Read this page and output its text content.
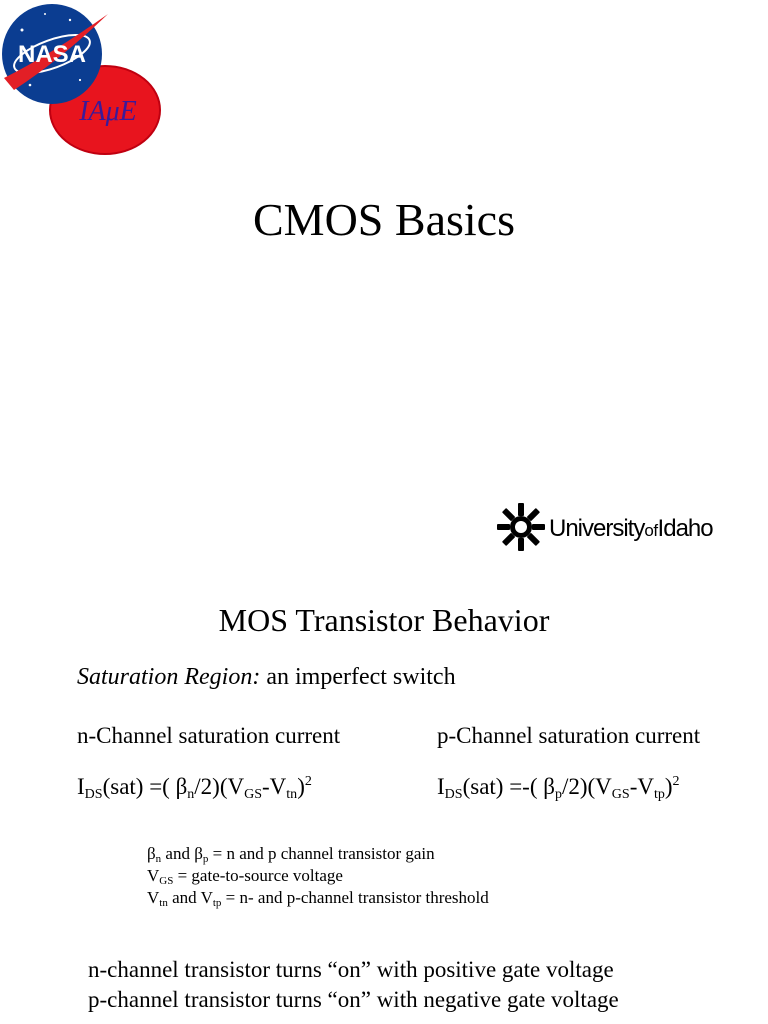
NASA
IAμE
CMOS Basics
UniversityofIdaho
MOS Transistor Behavior
Saturation Region: an imperfect switch
n-Channel saturation current	p-Channel saturation current
$I_{DS}(sat)$ =( $\beta_n/2)(V_{GS}-V_{tn})^2$	$I_{DS}(sat)$ =-( $\beta_p/2)(V_{GS}-V_{tp})^2$
$\beta_n$ and $\beta_p = n$ and p channel transistor gain
$V_{GS}$ = gate-to-source voltage
$V_{tn}$ and $V_{tp} = n-$ and p-channel transistor threshold
n-channel transistor turns “on” with positive gate voltage
p-channel transistor turns “on” with negative gate voltage
